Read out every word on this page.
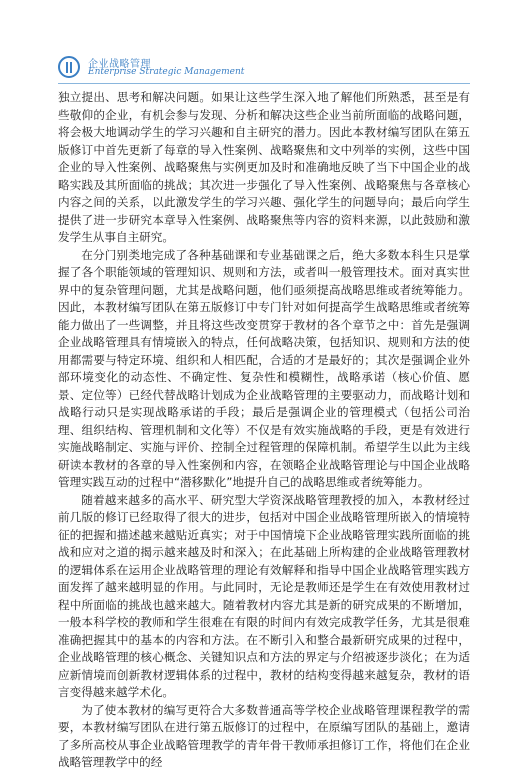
企业战略管理
Enterprise Strategic Management

独立提出、思考和解决问题。如果让这些学生深入地了解他们所熟悉，甚至是有些敬仰的企业，有机会参与发现、分析和解决这些企业当前所面临的战略问题，将会极大地调动学生的学习兴趣和自主研究的潜力。因此本教材编写团队在第五版修订中首先更新了每章的导入性案例、战略聚焦和文中列举的实例，这些中国企业的导入性案例、战略聚焦与实例更加及时和准确地反映了当下中国企业的战略实践及其所面临的挑战；其次进一步强化了导入性案例、战略聚焦与各章核心内容之间的关系，以此激发学生的学习兴趣、强化学生的问题导向；最后向学生提供了进一步研究本章导入性案例、战略聚焦等内容的资料来源，以此鼓励和激发学生从事自主研究。

在分门别类地完成了各种基础课和专业基础课之后，绝大多数本科生只是掌握了各个职能领域的管理知识、规则和方法，或者叫一般管理技术。面对真实世界中的复杂管理问题，尤其是战略问题，他们亟须提高战略思维或者统筹能力。因此，本教材编写团队在第五版修订中专门针对如何提高学生战略思维或者统筹能力做出了一些调整，并且将这些改变贯穿于教材的各个章节之中：首先是强调企业战略管理具有情境嵌入的特点，任何战略决策，包括知识、规则和方法的使用都需要与特定环境、组织和人相匹配，合适的才是最好的；其次是强调企业外部环境变化的动态性、不确定性、复杂性和模糊性，战略承诺（核心价值、愿景、定位等）已经代替战略计划成为企业战略管理的主要驱动力，而战略计划和战略行动只是实现战略承诺的手段；最后是强调企业的管理模式（包括公司治理、组织结构、管理机制和文化等）不仅是有效实施战略的手段，更是有效进行实施战略制定、实施与评价、控制全过程管理的保障机制。希望学生以此为主线研读本教材的各章的导入性案例和内容，在领略企业战略管理论与中国企业战略管理实践互动的过程中“潜移默化”地提升自己的战略思维或者统筹能力。

随着越来越多的高水平、研究型大学资深战略管理教授的加入，本教材经过前几版的修订已经取得了很大的进步，包括对中国企业战略管理所嵌入的情境特征的把握和描述越来越贴近真实；对于中国情境下企业战略管理实践所面临的挑战和应对之道的揭示越来越及时和深入；在此基础上所构建的企业战略管理教材的逻辑体系在运用企业战略管理的理论有效解释和指导中国企业战略管理实践方面发挥了越来越明显的作用。与此同时，无论是教师还是学生在有效使用教材过程中所面临的挑战也越来越大。随着教材内容尤其是新的研究成果的不断增加，一般本科学校的教师和学生很难在有限的时间内有效完成教学任务，尤其是很难准确把握其中的基本的内容和方法。在不断引入和整合最新研究成果的过程中，企业战略管理的核心概念、关键知识点和方法的界定与介绍被逐步淡化；在为适应新情境而创新教材逻辑体系的过程中，教材的结构变得越来越复杂，教材的语言变得越来越学术化。

为了使本教材的编写更符合大多数普通高等学校企业战略管理课程教学的需要，本教材编写团队在进行第五版修订的过程中，在原编写团队的基础上，邀请了多所高校从事企业战略管理教学的青年骨干教师承担修订工作，将他们在企业战略管理教学中的经
